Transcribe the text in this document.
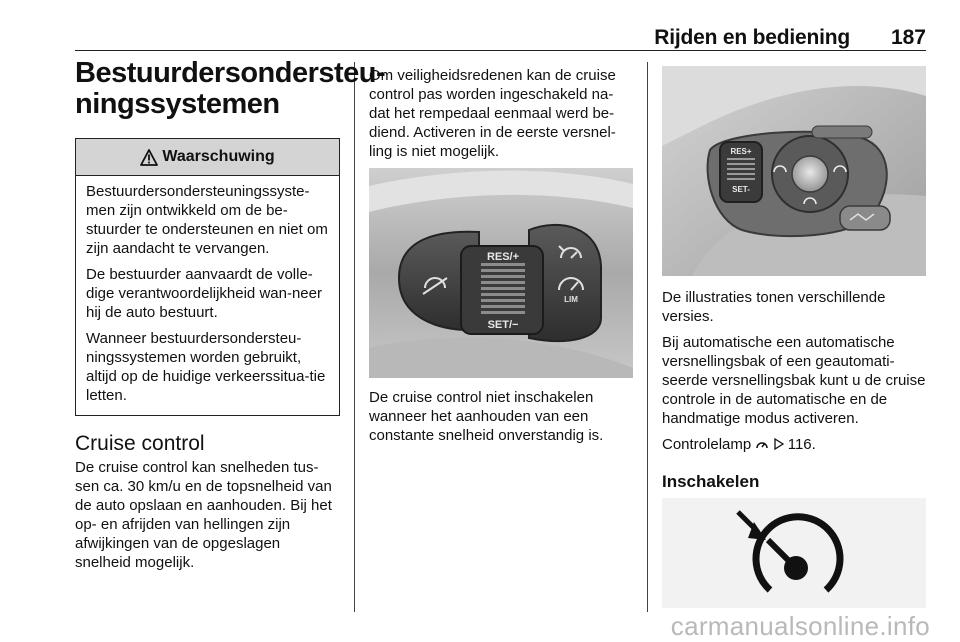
Rijden en bediening	187
Bestuurdersondersteu-
ningssystemen
Waarschuwing

Bestuurdersondersteuningssyste-men zijn ontwikkeld om de be-stuurder te ondersteunen en niet om zijn aandacht te vervangen.

De bestuurder aanvaardt de volle-dige verantwoordelijkheid wan-neer hij de auto bestuurt.

Wanneer bestuurdersondersteu-ningssystemen worden gebruikt, altijd op de huidige verkeerssitua-tie letten.

Cruise control

De cruise control kan snelheden tus-sen ca. 30 km/u en de topsnelheid van de auto opslaan en aanhouden. Bij het op- en afrijden van hellingen zijn afwijkingen van de opgeslagen snelheid mogelijk.

Om veiligheidsredenen kan de cruise control pas worden ingeschakeld na-dat het rempedaal eenmaal werd be-diend. Activeren in de eerste versnel-ling is niet mogelijk.

RES/+
SET/−
LIM

De cruise control niet inschakelen wanneer het aanhouden van een constante snelheid onverstandig is.

RES+
SET-

De illustraties tonen verschillende versies.

Bij automatische een automatische versnellingsbak of een geautomati-seerde versnellingsbak kunt u de cruise controle in de automatische en de handmatige modus activeren.

Controlelamp 116.

Inschakelen
carmanualsonline.info
